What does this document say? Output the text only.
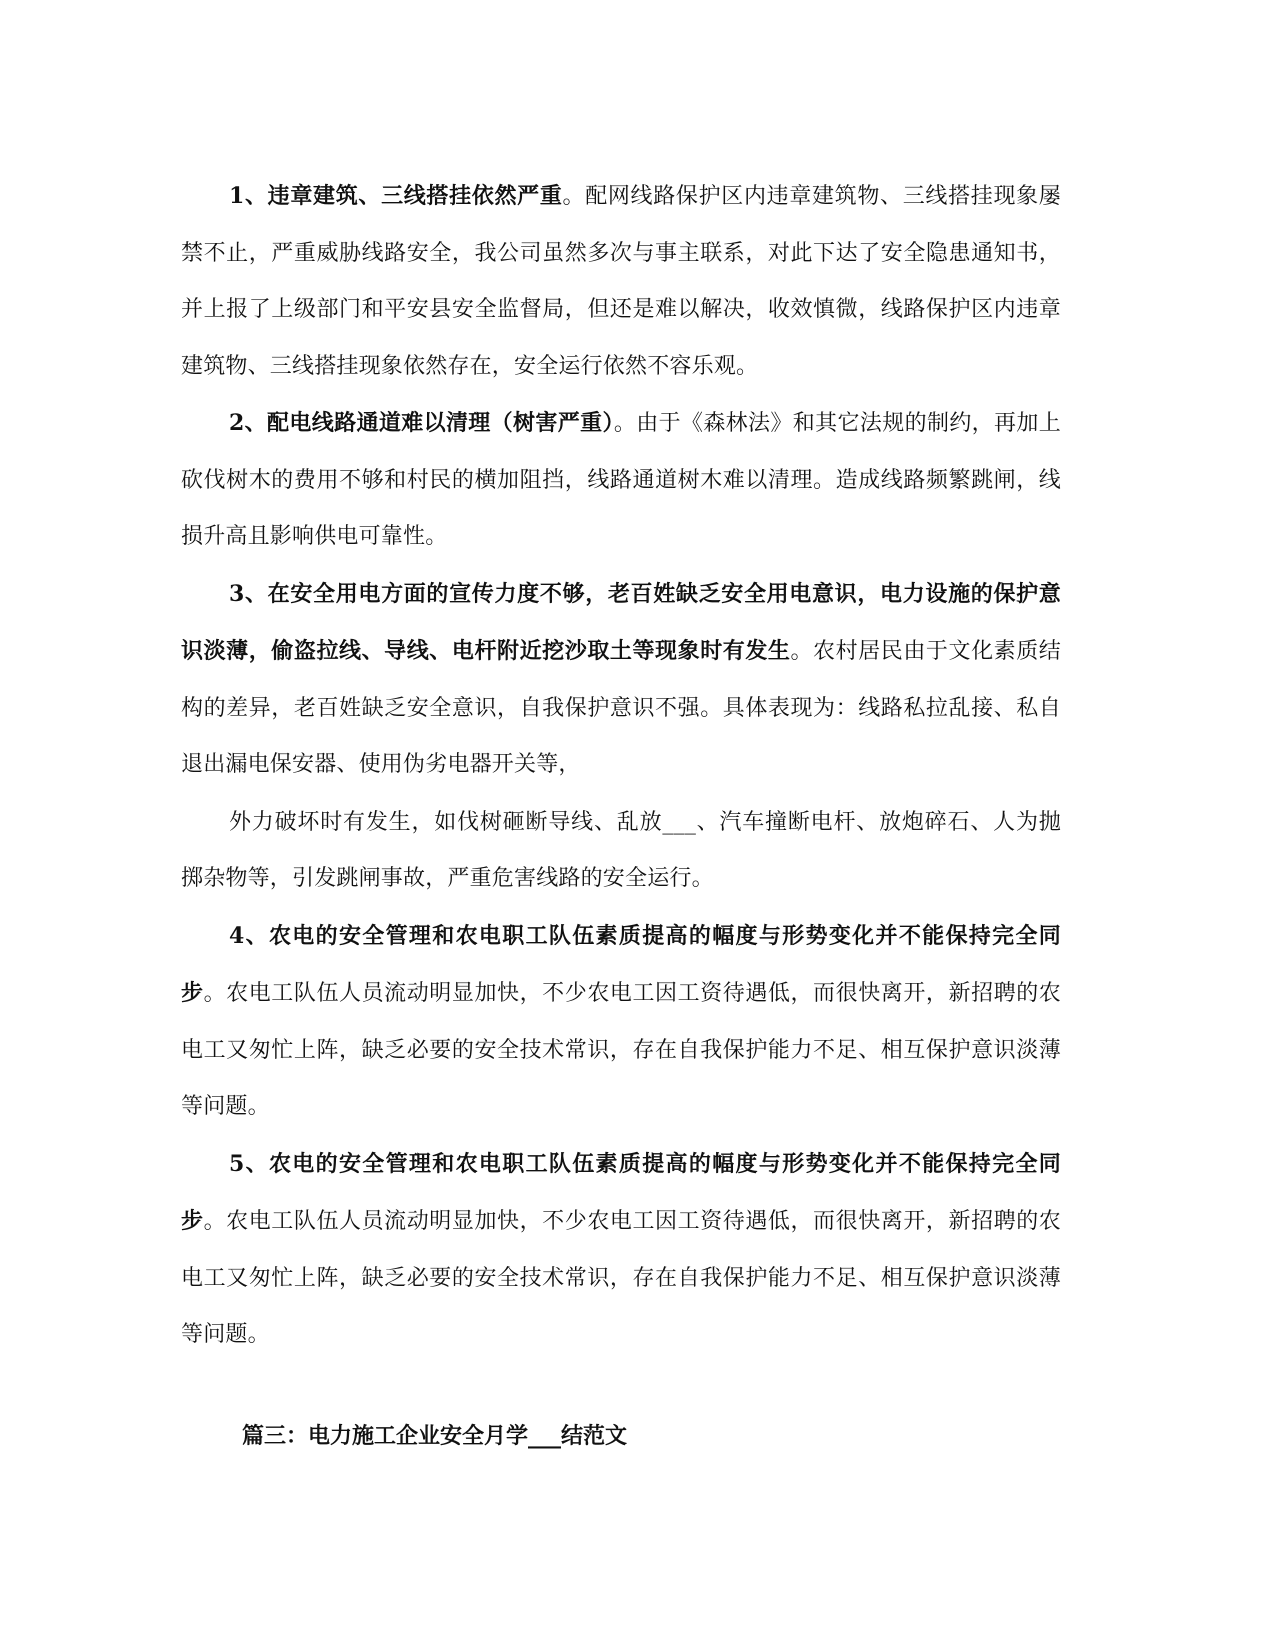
1、违章建筑、三线搭挂依然严重。配网线路保护区内违章建筑物、三线搭挂现象屡禁不止，严重威胁线路安全，我公司虽然多次与事主联系，对此下达了安全隐患通知书，并上报了上级部门和平安县安全监督局，但还是难以解决，收效慎微，线路保护区内违章建筑物、三线搭挂现象依然存在，安全运行依然不容乐观。

2、配电线路通道难以清理（树害严重）。由于《森林法》和其它法规的制约，再加上砍伐树木的费用不够和村民的横加阻挡，线路通道树木难以清理。造成线路频繁跳闸，线损升高且影响供电可靠性。

3、在安全用电方面的宣传力度不够，老百姓缺乏安全用电意识，电力设施的保护意识淡薄，偷盗拉线、导线、电杆附近挖沙取土等现象时有发生。农村居民由于文化素质结构的差异，老百姓缺乏安全意识，自我保护意识不强。具体表现为：线路私拉乱接、私自退出漏电保安器、使用伪劣电器开关等，

外力破坏时有发生，如伐树砸断导线、乱放___、汽车撞断电杆、放炮碎石、人为抛掷杂物等，引发跳闸事故，严重危害线路的安全运行。

4、农电的安全管理和农电职工队伍素质提高的幅度与形势变化并不能保持完全同步。农电工队伍人员流动明显加快，不少农电工因工资待遇低，而很快离开，新招聘的农电工又匆忙上阵，缺乏必要的安全技术常识，存在自我保护能力不足、相互保护意识淡薄等问题。

5、农电的安全管理和农电职工队伍素质提高的幅度与形势变化并不能保持完全同步。农电工队伍人员流动明显加快，不少农电工因工资待遇低，而很快离开，新招聘的农电工又匆忙上阵，缺乏必要的安全技术常识，存在自我保护能力不足、相互保护意识淡薄等问题。

篇三：电力施工企业安全月学___结范文
